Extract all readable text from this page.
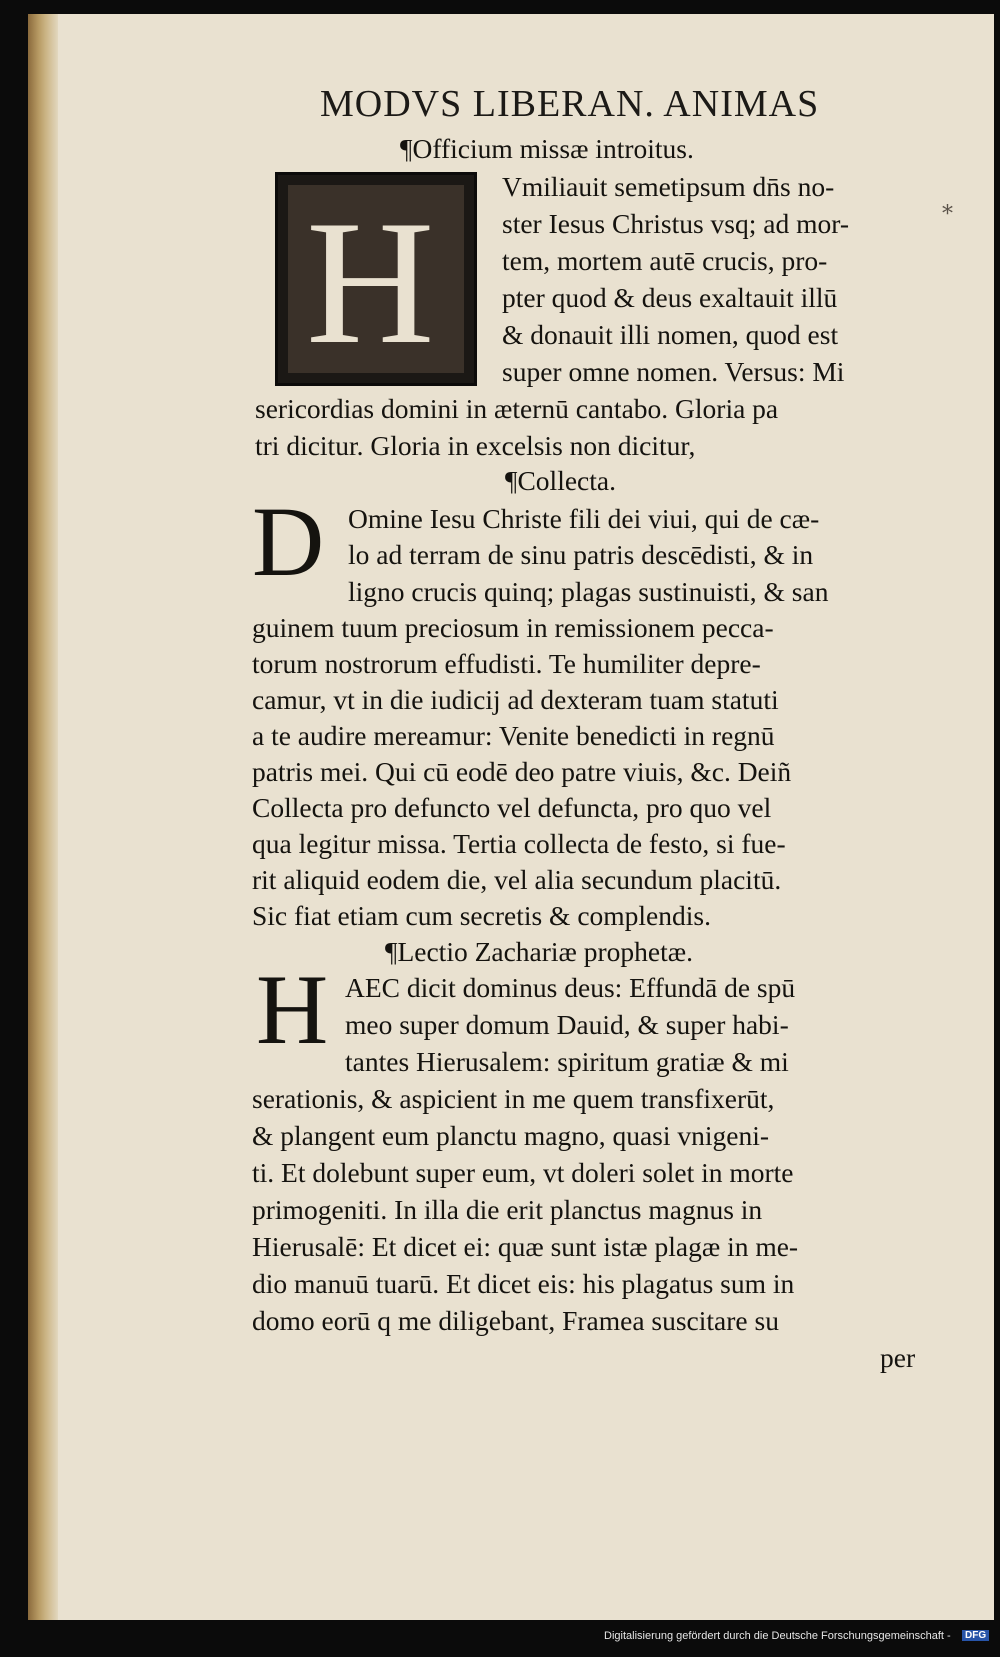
MODVS LIBERAN. ANIMAS
*
¶Officium missæ introitus.
H Vmiliauit semetipsum dn̄s no-
ster Iesus Christus vsq; ad mor-
tem, mortem autē crucis, pro-
pter quod & deus exaltauit illū
& donauit illi nomen, quod est
super omne nomen. Versus: Mi
sericordias domini in æternū cantabo. Gloria pa
tri dicitur. Gloria in excelsis non dicitur,
¶Collecta.
D Omine Iesu Christe fili dei viui, qui de cæ-
lo ad terram de sinu patris descēdisti, & in
ligno crucis quinq; plagas sustinuisti, & san
guinem tuum preciosum in remissionem pecca-
torum nostrorum effudisti. Te humiliter depre-
camur, vt in die iudicij ad dexteram tuam statuti
a te audire mereamur: Venite benedicti in regnū
patris mei. Qui cū eodē deo patre viuis, &c. Deiñ
Collecta pro defuncto vel defuncta, pro quo vel
qua legitur missa. Tertia collecta de festo, si fue-
rit aliquid eodem die, vel alia secundum placitū.
Sic fiat etiam cum secretis & complendis.
¶Lectio Zachariæ prophetæ.
H AEC dicit dominus deus: Effundā de spū
meo super domum Dauid, & super habi-
tantes Hierusalem: spiritum gratiæ & mi
serationis, & aspicient in me quem transfixerūt,
& plangent eum planctu magno, quasi vnigeni-
ti. Et dolebunt super eum, vt doleri solet in morte
primogeniti. In illa die erit planctus magnus in
Hierusalē: Et dicet ei: quæ sunt istæ plagæ in me-
dio manuū tuarū. Et dicet eis: his plagatus sum in
domo eorū q me diligebant, Framea suscitare su
per
Digitalisierung gefördert durch die Deutsche Forschungsgemeinschaft -	DFG
